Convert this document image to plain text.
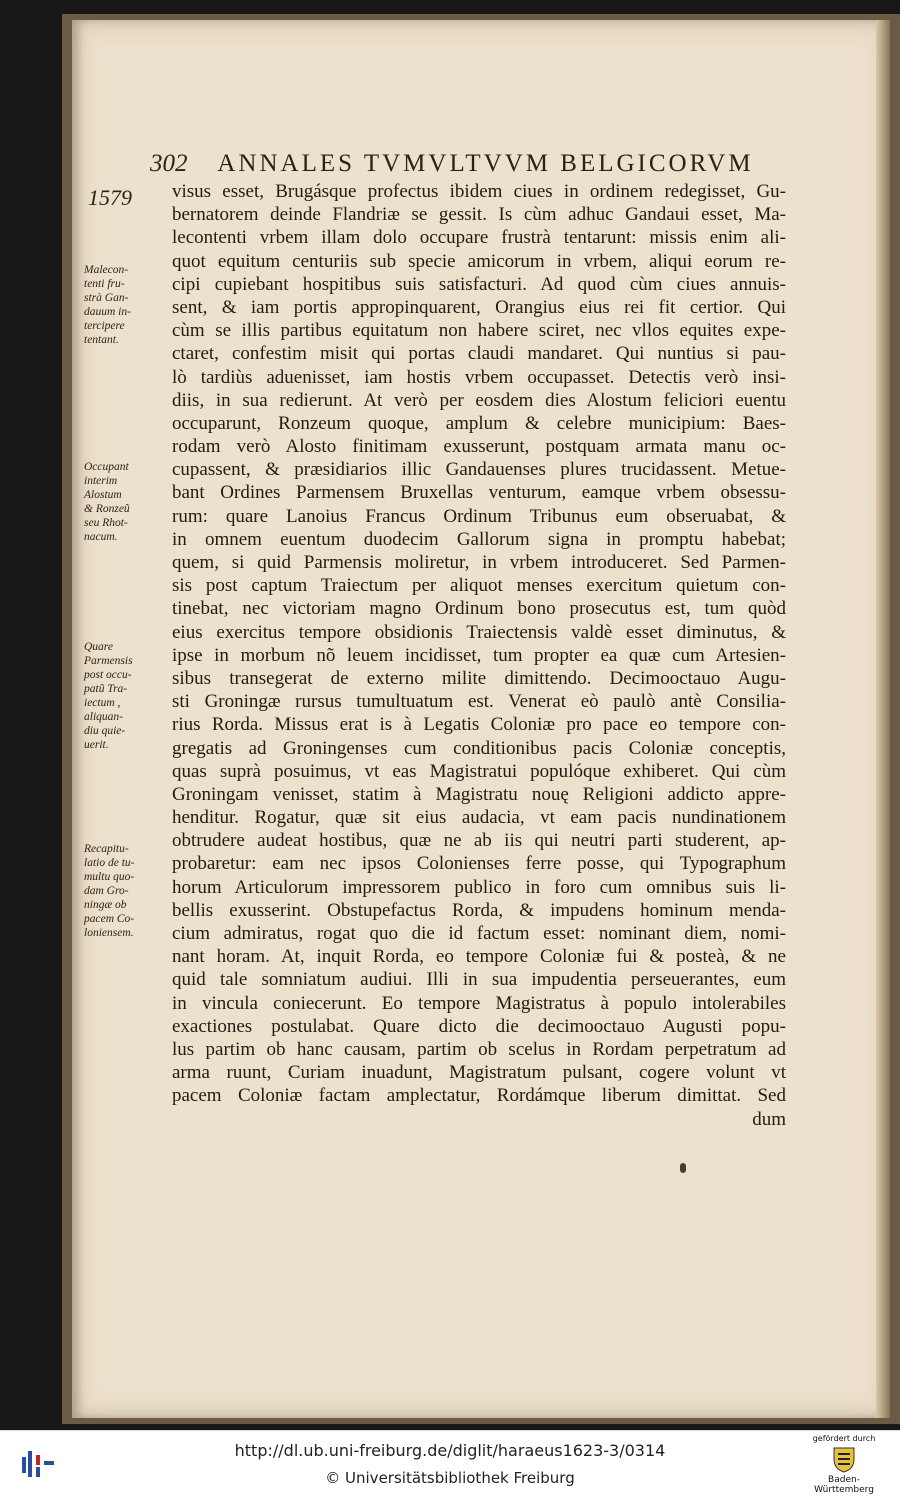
302 ANNALES TVMVLTVVM BELGICORVM
1579
Malecon-
tenti fru-
strà Gan-
dauum in-
tercipere
tentant.
Occupant
interim
Alostum
& Ronzeũ
seu Rhot-
nacum.
Quare
Parmensis
post occu-
patũ Tra-
iectum ,
aliquan-
diu quie-
uerit.
Recapitu-
latio de tu-
multu quo-
dam Gro-
ningæ ob
pacem Co-
loniensem.
visus esset, Brugásque profectus ibidem ciues in ordinem redegisset, Gu-
bernatorem deinde Flandriæ se gessit. Is cùm adhuc Gandaui esset, Ma-
lecontenti vrbem illam dolo occupare frustrà tentarunt: missis enim ali-
quot equitum centuriis sub specie amicorum in vrbem, aliqui eorum re-
cipi cupiebant hospitibus suis satisfacturi. Ad quod cùm ciues annuis-
sent, & iam portis appropinquarent, Orangius eius rei fit certior. Qui
cùm se illis partibus equitatum non habere sciret, nec vllos equites expe-
ctaret, confestim misit qui portas claudi mandaret. Qui nuntius si pau-
lò tardiùs aduenisset, iam hostis vrbem occupasset. Detectis verò insi-
diis, in sua redierunt. At verò per eosdem dies Alostum feliciori euentu
occuparunt, Ronzeum quoque, amplum & celebre municipium: Baes-
rodam verò Alosto finitimam exusserunt, postquam armata manu oc-
cupassent, & præsidiarios illic Gandauenses plures trucidassent. Metue-
bant Ordines Parmensem Bruxellas venturum, eamque vrbem obsessu-
rum: quare Lanoius Francus Ordinum Tribunus eum obseruabat, &
in omnem euentum duodecim Gallorum signa in promptu habebat;
quem, si quid Parmensis moliretur, in vrbem introduceret. Sed Parmen-
sis post captum Traiectum per aliquot menses exercitum quietum con-
tinebat, nec victoriam magno Ordinum bono prosecutus est, tum quòd
eius exercitus tempore obsidionis Traiectensis valdè esset diminutus, &
ipse in morbum nõ leuem incidisset, tum propter ea quæ cum Artesien-
sibus transegerat de externo milite dimittendo. Decimooctauo Augu-
sti Groningæ rursus tumultuatum est. Venerat eò paulò antè Consilia-
rius Rorda. Missus erat is à Legatis Coloniæ pro pace eo tempore con-
gregatis ad Groningenses cum conditionibus pacis Coloniæ conceptis,
quas suprà posuimus, vt eas Magistratui populóque exhiberet. Qui cùm
Groningam venisset, statim à Magistratu nouę Religioni addicto appre-
henditur. Rogatur, quæ sit eius audacia, vt eam pacis nundinationem
obtrudere audeat hostibus, quæ ne ab iis qui neutri parti studerent, ap-
probaretur: eam nec ipsos Colonienses ferre posse, qui Typographum
horum Articulorum impressorem publico in foro cum omnibus suis li-
bellis exusserint. Obstupefactus Rorda, & impudens hominum menda-
cium admiratus, rogat quo die id factum esset: nominant diem, nomi-
nant horam. At, inquit Rorda, eo tempore Coloniæ fui & posteà, & ne
quid tale somniatum audiui. Illi in sua impudentia perseuerantes, eum
in vincula coniecerunt. Eo tempore Magistratus à populo intolerabiles
exactiones postulabat. Quare dicto die decimooctauo Augusti popu-
lus partim ob hanc causam, partim ob scelus in Rordam perpetratum ad
arma ruunt, Curiam inuadunt, Magistratum pulsant, cogere volunt vt
pacem Coloniæ factam amplectatur, Rordámque liberum dimittat. Sed
dum
http://dl.ub.uni-freiburg.de/diglit/haraeus1623-3/0314
© Universitätsbibliothek Freiburg
gefördert durch
Baden-Württemberg
